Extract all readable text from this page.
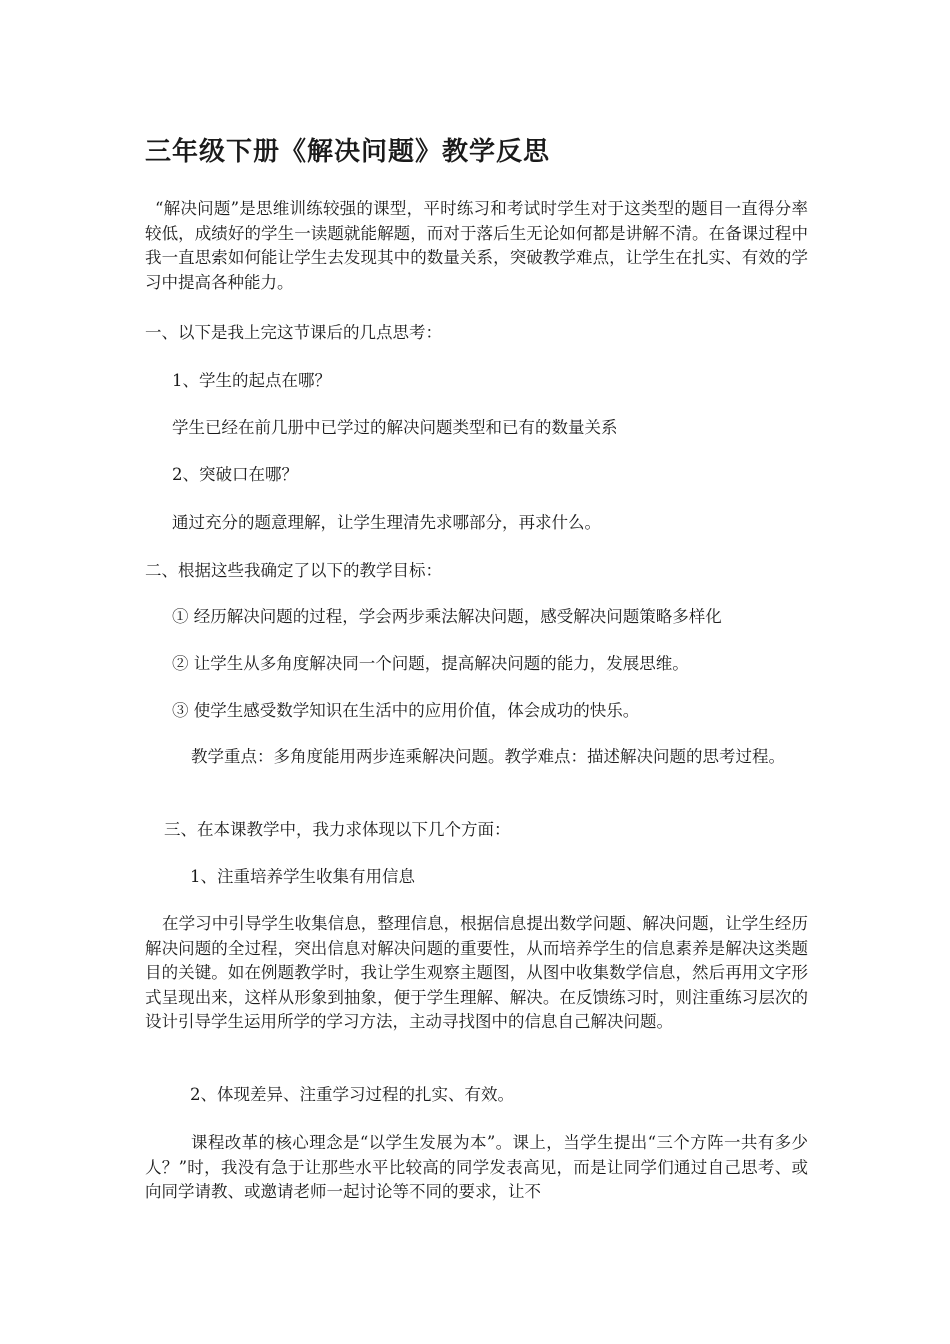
三年级下册《解决问题》教学反思
“解决问题”是思维训练较强的课型，平时练习和考试时学生对于这类型的题目一直得分率较低，成绩好的学生一读题就能解题，而对于落后生无论如何都是讲解不清。在备课过程中我一直思索如何能让学生去发现其中的数量关系，突破教学难点，让学生在扎实、有效的学习中提高各种能力。
一、以下是我上完这节课后的几点思考：
1、学生的起点在哪？
学生已经在前几册中已学过的解决问题类型和已有的数量关系
2、突破口在哪？
通过充分的题意理解，让学生理清先求哪部分，再求什么。
二、根据这些我确定了以下的教学目标：
① 经历解决问题的过程，学会两步乘法解决问题，感受解决问题策略多样化
② 让学生从多角度解决同一个问题，提高解决问题的能力，发展思维。
③ 使学生感受数学知识在生活中的应用价值，体会成功的快乐。
教学重点：多角度能用两步连乘解决问题。教学难点：描述解决问题的思考过程。
三、在本课教学中，我力求体现以下几个方面：
1、注重培养学生收集有用信息
在学习中引导学生收集信息，整理信息，根据信息提出数学问题、解决问题，让学生经历解决问题的全过程，突出信息对解决问题的重要性，从而培养学生的信息素养是解决这类题目的关键。如在例题教学时，我让学生观察主题图，从图中收集数学信息，然后再用文字形式呈现出来，这样从形象到抽象，便于学生理解、解决。在反馈练习时，则注重练习层次的设计引导学生运用所学的学习方法，主动寻找图中的信息自己解决问题。
2、体现差异、注重学习过程的扎实、有效。
课程改革的核心理念是“以学生发展为本”。课上，当学生提出“三个方阵一共有多少人？”时，我没有急于让那些水平比较高的同学发表高见，而是让同学们通过自己思考、或向同学请教、或邀请老师一起讨论等不同的要求，让不
